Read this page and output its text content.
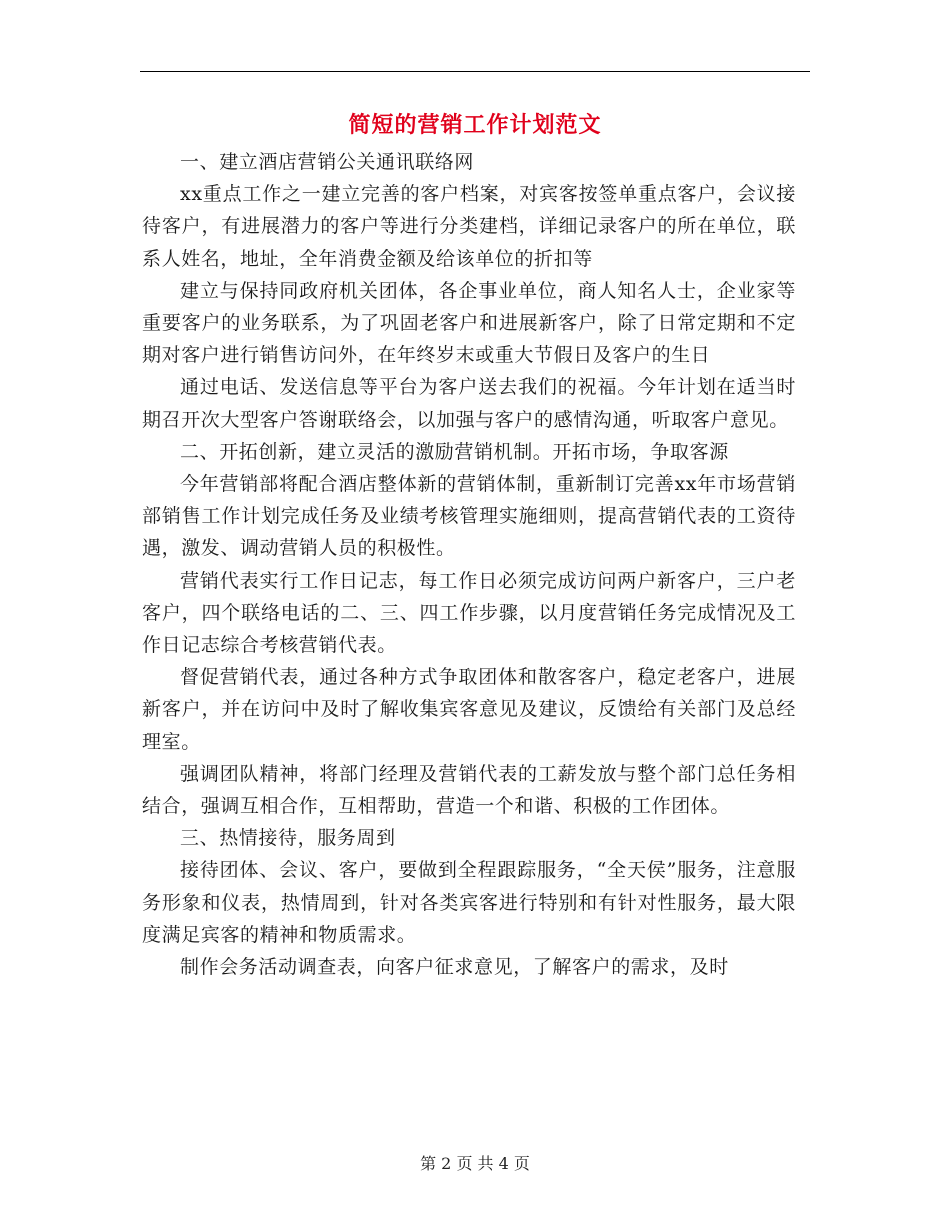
简短的营销工作计划范文

一、建立酒店营销公关通讯联络网

xx重点工作之一建立完善的客户档案，对宾客按签单重点客户，会议接待客户，有进展潜力的客户等进行分类建档，详细记录客户的所在单位，联系人姓名，地址，全年消费金额及给该单位的折扣等

建立与保持同政府机关团体，各企事业单位，商人知名人士，企业家等重要客户的业务联系，为了巩固老客户和进展新客户，除了日常定期和不定期对客户进行销售访问外，在年终岁末或重大节假日及客户的生日

通过电话、发送信息等平台为客户送去我们的祝福。今年计划在适当时期召开次大型客户答谢联络会，以加强与客户的感情沟通，听取客户意见。

二、开拓创新，建立灵活的激励营销机制。开拓市场，争取客源

今年营销部将配合酒店整体新的营销体制，重新制订完善xx年市场营销部销售工作计划完成任务及业绩考核管理实施细则，提高营销代表的工资待遇，激发、调动营销人员的积极性。

营销代表实行工作日记志，每工作日必须完成访问两户新客户，三户老客户，四个联络电话的二、三、四工作步骤，以月度营销任务完成情况及工作日记志综合考核营销代表。

督促营销代表，通过各种方式争取团体和散客客户，稳定老客户，进展新客户，并在访问中及时了解收集宾客意见及建议，反馈给有关部门及总经理室。

强调团队精神，将部门经理及营销代表的工薪发放与整个部门总任务相结合，强调互相合作，互相帮助，营造一个和谐、积极的工作团体。

三、热情接待，服务周到

接待团体、会议、客户，要做到全程跟踪服务，“全天侯”服务，注意服务形象和仪表，热情周到，针对各类宾客进行特别和有针对性服务，最大限度满足宾客的精神和物质需求。

制作会务活动调查表，向客户征求意见，了解客户的需求，及时

第 2 页 共 4 页
